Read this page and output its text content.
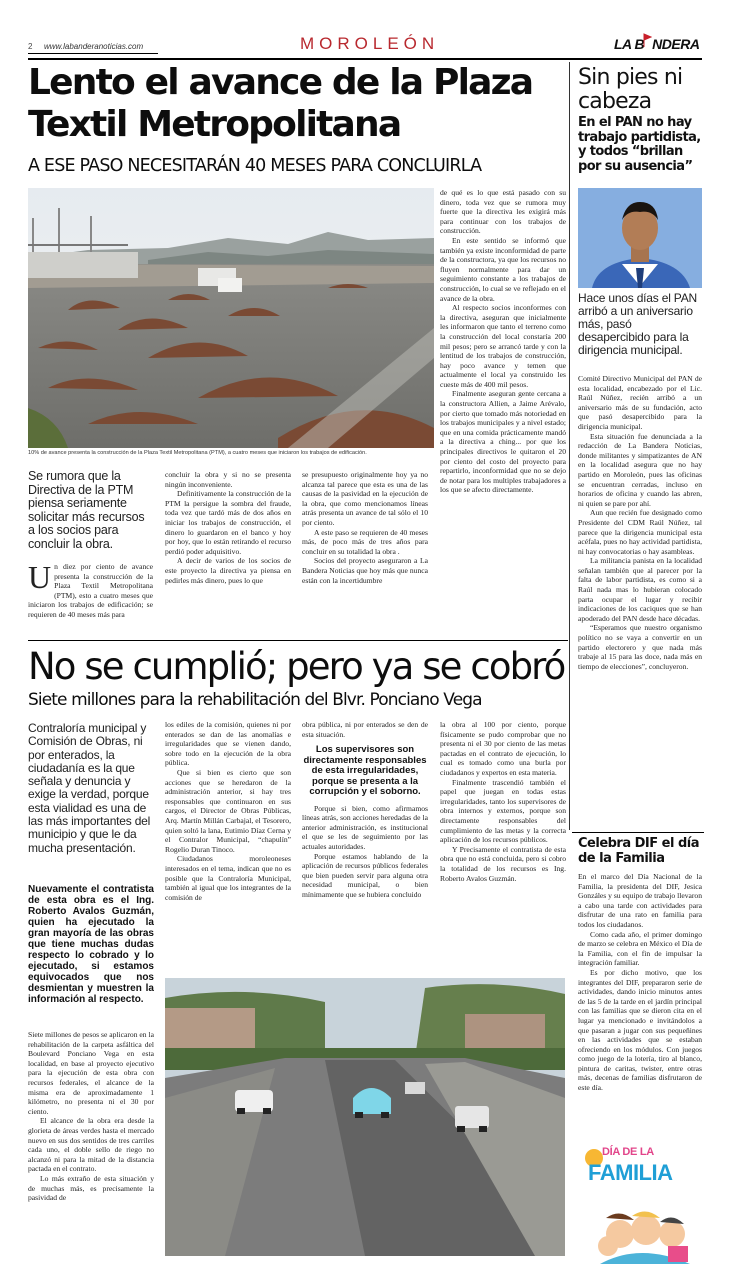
2 www.labanderanoticias.com	MOROLEÓN	LA B NDERA
Lento el avance de la Plaza Textil Metropolitana
A ESE PASO NECESITARÁN 40 MESES PARA CONCLUIRLA
10% de avance presenta la construcción de la Plaza Textil Metropolitana (PTM), a cuatro meses que iniciaron los trabajos de edificación.
Se rumora que la Directiva de la PTM piensa seriamente solicitar más recursos a los socios para concluir la obra.
Un diez por ciento de avance presenta la construcción de la Plaza Textil Metropolitana (PTM), esto a cuatro meses que iniciaron los trabajos de edificación; se requieren de 40 meses más para

concluir la obra y si no se presenta ningún inconveniente.

Definitivamente la construcción de la PTM la persigue la sombra del fraude, toda vez que tardó más de dos años en iniciar los trabajos de construcción, el dinero lo guardaron en el banco y hoy por hoy, que lo están retirando el recurso perdió poder adquisitivo.

A decir de varios de los socios de este proyecto la directiva ya piensa en pedirles más dinero, pues lo que

se presupuesto originalmente hoy ya no alcanza tal parece que esta es una de las causas de la pasividad en la ejecución de la obra, que como mencionamos líneas atrás presenta un avance de tal sólo el 10 por ciento.

A este paso se requieren de 40 meses más, de poco más de tres años para concluir en su totalidad la obra .

Socios del proyecto aseguraron a La Bandera Noticias que hoy más que nunca están con la incertidumbre

de qué es lo que está pasado con su dinero, toda vez que se rumora muy fuerte que la directiva les exigirá más para continuar con los trabajos de construcción.

En este sentido se informó que también ya existe inconformidad de parte de la constructora, ya que los recursos no fluyen normalmente para dar un seguimiento constante a los trabajos de construcción, lo cual se ve reflejado en el avance de la obra.

Al respecto socios inconformes con la directiva, aseguran que inicialmente les informaron que tanto el terreno como la construcción del local constaría 200 mil pesos; pero se arrancó tarde y con la lentitud de los trabajos de construcción, hay poco avance y temen que actualmente el local ya construido les cueste más de 400 mil pesos.

Finalmente aseguran gente cercana a la constructora Allien, a Jaime Arévalo, por cierto que tomado más notoriedad en los trabajos municipales y a nivel estado; que en una comida prácticamente mandó a la directiva a ching... por que los principales directivos le quitaron el 20 por ciento del costo del proyecto para repartirlo, inconformidad que no se dejo de notar para los multiples trabajadores a los que se afecto directamente.

Sin pies ni cabeza
En el PAN no hay trabajo partidista, y todos “brillan por su ausencia”
Hace unos días el PAN arribó a un aniversario más, pasó desapercibido para la dirigencia municipal.

Comité Directivo Municipal del PAN de esta localidad, encabezado por el Lic. Raúl Núñez, recién arribó a un aniversario más de su fundación, acto que pasó desapercibido para la dirigencia municipal.

Esta situación fue denunciada a la redacción de La Bandera Noticias, donde militantes y simpatizantes de AN en la localidad asegura que no hay partido en Moroleón, pues las oficinas se encuentran cerradas, incluso en horarios de oficina y cuando las abren, ni quien se pare por ahí.

Aun que recién fue designado como Presidente del CDM Raúl Núñez, tal parece que la dirigencia municipal esta acéfala, pues no hay actividad partidista, ni hay convocatorias o hay asambleas.

La militancia panista en la localidad señalan también que al parecer por la falta de labor partidista, es como si a Raúl nada mas lo hubieran colocado parta ocupar el lugar y recibir indicaciones de los caciques que se han apoderado del PAN desde hace décadas.

“Esperamos que nuestro organismo político no se vaya a convertir en un partido electorero y que nada más trabaje al 15 para las doce, nada más en tiempo de elecciones”, concluyeron.

Celebra DIF el día de la Familia

En el marco del Día Nacional de la Familia, la presidenta del DIF, Jesica Gonzáles y su equipo de trabajo llevaron a cabo una tarde con actividades para disfrutar de una rato en familia para todos los ciudadanos.

Como cada año, el primer domingo de marzo se celebra en México el Día de la Familia, con el fin de impulsar la integración familiar.

Es por dicho motivo, que los integrantes del DIF, prepararon serie de actividades, dando inicio minutos antes de las 5 de la tarde en el jardín principal con las familias que se dieron cita en el lugar ya mencionado e invitándolos a que pasaran a jugar con sus pequeñines en las actividades que se estaban ofreciendo en los módulos. Con juegos como juego de la lotería, tiro al blanco, pintura de caritas, twister, entre otras más, decenas de familias disfrutaron de este día.

DÍA DE LA
FAMILIA
No se cumplió; pero ya se cobró
Siete millones para la rehabilitación del Blvr. Ponciano Vega
Contraloría municipal y Comisión de Obras, ni por enterados, la ciudadanía es la que señala y denuncia y exige la verdad, porque esta vialidad es una de las más importantes del municipio y que le da mucha presentación.
Nuevamente el contratista de esta obra es el Ing. Roberto Avalos Guzmán, quien ha ejecutado la gran mayoría de las obras que tiene muchas dudas respecto lo cobrado y lo ejecutado, si estamos equivocados que nos desmientan y muestren la información al respecto.

Siete millones de pesos se aplicaron en la rehabilitación de la carpeta asfáltica del Boulevard Ponciano Vega en esta localidad, en base al proyecto ejecutivo para la ejecución de esta obra con recursos federales, el alcance de la misma era de aproximadamente 1 kilómetro, no presenta ni el 30 por ciento.

El alcance de la obra era desde la glorieta de áreas verdes hasta el mercado nuevo en sus dos sentidos de tres carriles cada uno, el doble sello de riego no alcanzó ni para la mitad de la distancia pactada en el contrato.

Lo más extraño de esta situación y de muchas más, es precisamente la pasividad de

los ediles de la comisión, quienes ni por enterados se dan de las anomalías e irregularidades que se vienen dando, sobre todo en la ejecución de la obra pública.

Que si bien es cierto que son acciones que se heredaron de la administración anterior, si hay tres responsables que continuaron en sus cargos, el Director de Obras Públicas, Arq. Martín Millán Carbajal, el Tesorero, quien soltó la lana, Eutimio Díaz Cerna y el Contralor Municipal, “chapulín” Rogelio Duran Tinoco.

Ciudadanos moroleoneses interesados en el tema, indican que no es posible que la Contraloría Municipal, también al igual que los integrantes de la comisión de

obra pública, ni por enterados se den de esta situación.

Los supervisores son directamente responsables de esta irregularidades, porque se presenta a la corrupción y el soborno.

Porque si bien, como afirmamos líneas atrás, son acciones heredadas de la anterior administración, es institucional el que se les de seguimiento por las actuales autoridades.

Porque estamos hablando de la aplicación de recursos públicos federales que bien pueden servir para alguna otra necesidad municipal, o bien mínimamente que se hubiera concluido

la obra al 100 por ciento, porque físicamente se pudo comprobar que no presenta ni el 30 por ciento de las metas pactadas en el contrato de ejecución, lo cual es tomado como una burla por ciudadanos y expertos en esta materia.

Finalmente trascendió también el papel que juegan en todas estas irregularidades, tanto los supervisores de obra internos y externos, porque son directamente responsables del cumplimiento de las metas y la correcta aplicación de los recursos públicos.

Y Precisamente el contratista de esta obra que no está concluida, pero si cobro la totalidad de los recursos es Ing. Roberto Avalos Guzmán.
